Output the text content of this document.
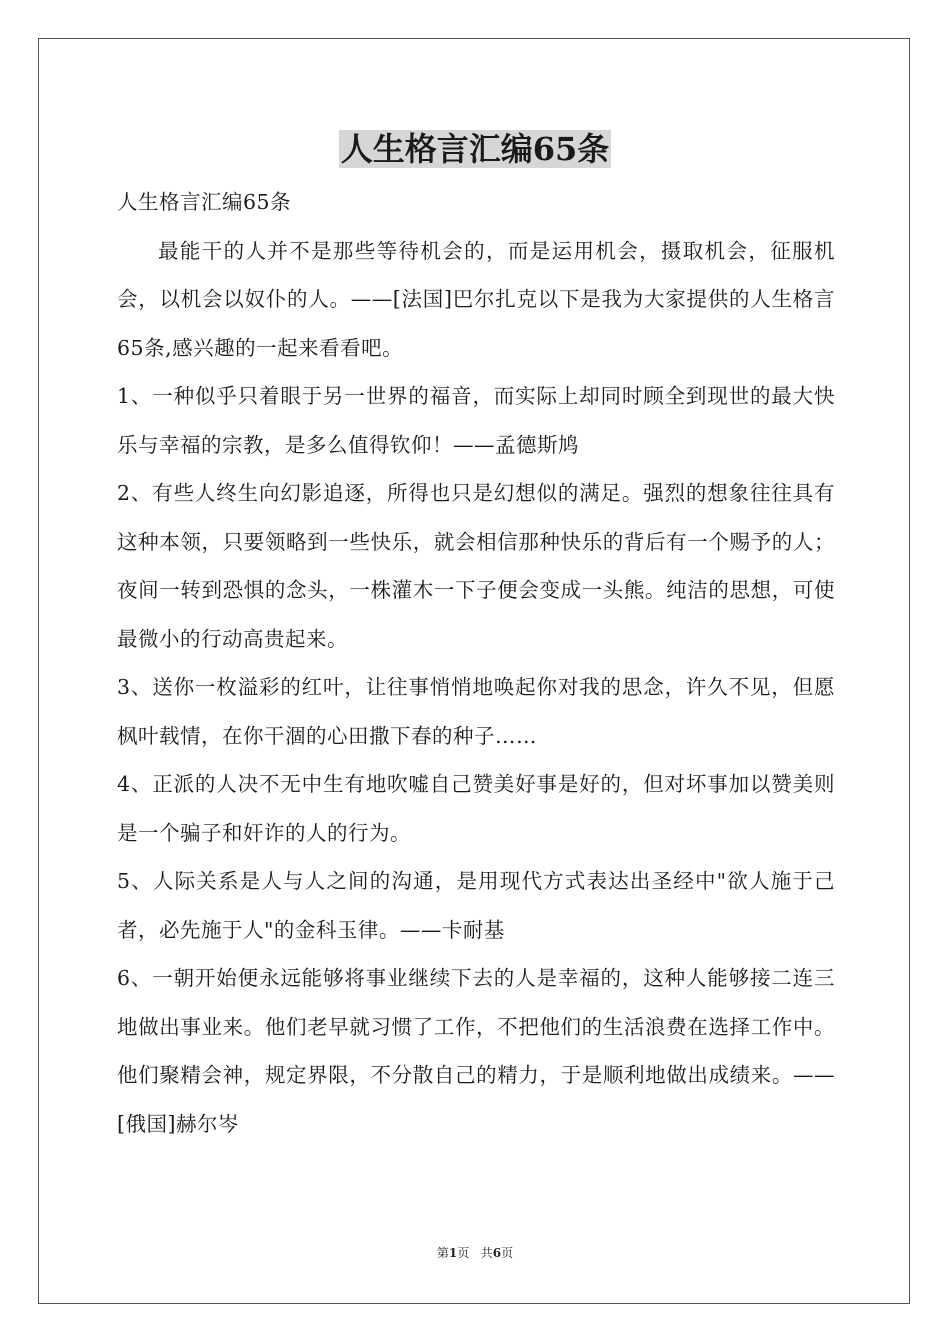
人生格言汇编65条

人生格言汇编65条

最能干的人并不是那些等待机会的，而是运用机会，摄取机会，征服机会，以机会以奴仆的人。——[法国]巴尔扎克以下是我为大家提供的人生格言65条,感兴趣的一起来看看吧。

1、一种似乎只着眼于另一世界的福音，而实际上却同时顾全到现世的最大快乐与幸福的宗教，是多么值得钦仰！——孟德斯鸠

2、有些人终生向幻影追逐，所得也只是幻想似的满足。强烈的想象往往具有这种本领，只要领略到一些快乐，就会相信那种快乐的背后有一个赐予的人；夜间一转到恐惧的念头，一株灌木一下子便会变成一头熊。纯洁的思想，可使最微小的行动高贵起来。

3、送你一枚溢彩的红叶，让往事悄悄地唤起你对我的思念，许久不见，但愿枫叶载情，在你干涸的心田撒下春的种子……

4、正派的人决不无中生有地吹嘘自己赞美好事是好的，但对坏事加以赞美则是一个骗子和奸诈的人的行为。

5、人际关系是人与人之间的沟通，是用现代方式表达出圣经中"欲人施于己者，必先施于人"的金科玉律。——卡耐基

6、一朝开始便永远能够将事业继续下去的人是幸福的，这种人能够接二连三地做出事业来。他们老早就习惯了工作，不把他们的生活浪费在选择工作中。他们聚精会神，规定界限，不分散自己的精力，于是顺利地做出成绩来。——[俄国]赫尔岑

第1页 共6页
